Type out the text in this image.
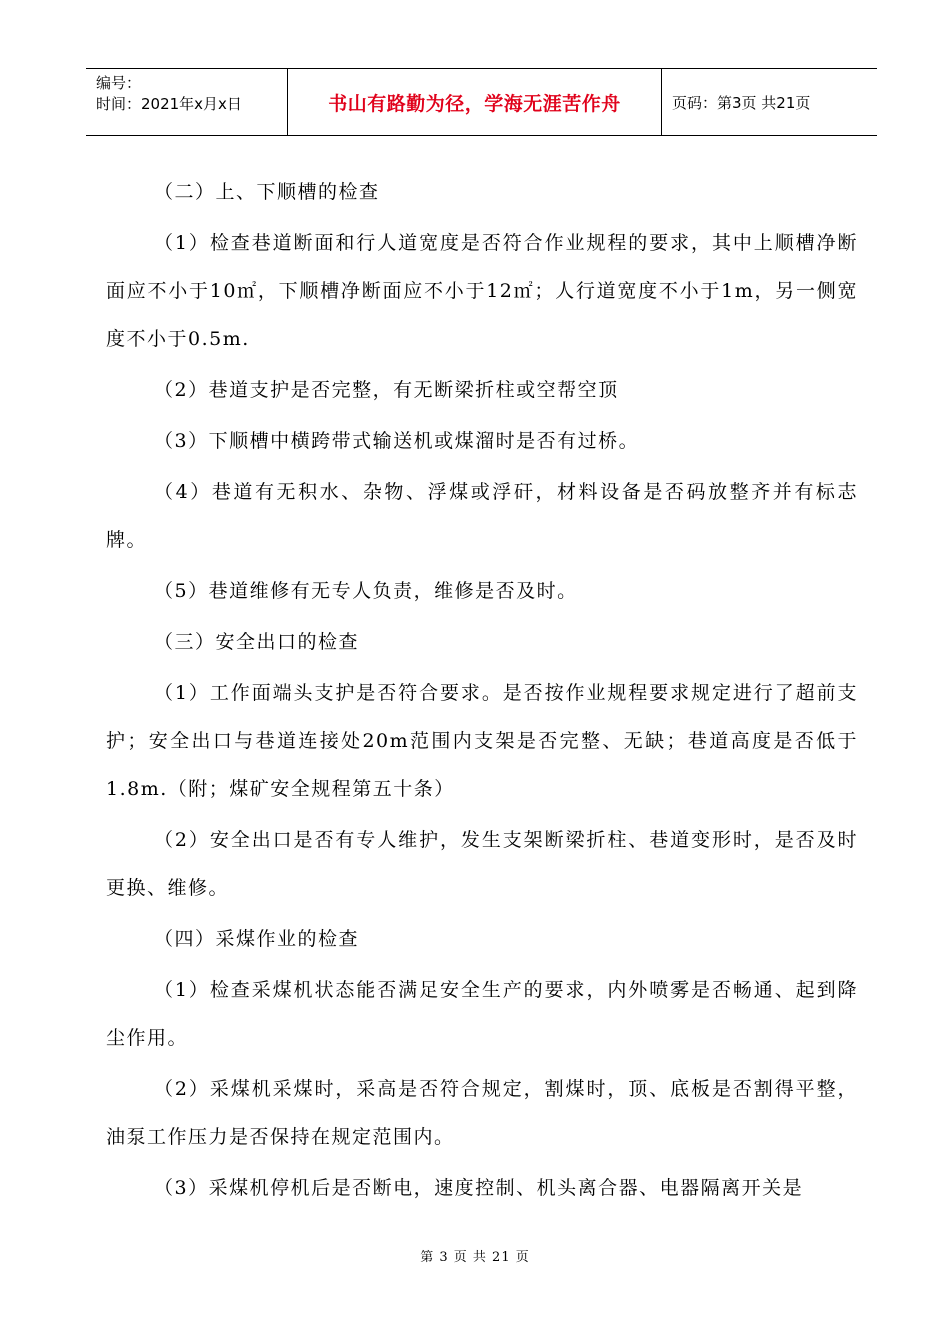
编号：
时间：2021年x月x日	书山有路勤为径，学海无涯苦作舟	页码：第3页 共21页

（二）上、下顺槽的检查

（1）检查巷道断面和行人道宽度是否符合作业规程的要求，其中上顺槽净断面应不小于10㎡，下顺槽净断面应不小于12㎡；人行道宽度不小于1m，另一侧宽度不小于0.5m.

（2）巷道支护是否完整，有无断梁折柱或空帮空顶

（3）下顺槽中横跨带式输送机或煤溜时是否有过桥。

（4）巷道有无积水、杂物、浮煤或浮矸，材料设备是否码放整齐并有标志牌。

（5）巷道维修有无专人负责，维修是否及时。

（三）安全出口的检查

（1）工作面端头支护是否符合要求。是否按作业规程要求规定进行了超前支护；安全出口与巷道连接处20m范围内支架是否完整、无缺；巷道高度是否低于1.8m.（附；煤矿安全规程第五十条）

（2）安全出口是否有专人维护，发生支架断梁折柱、巷道变形时，是否及时更换、维修。

（四）采煤作业的检查

（1）检查采煤机状态能否满足安全生产的要求，内外喷雾是否畅通、起到降尘作用。

（2）采煤机采煤时，采高是否符合规定，割煤时，顶、底板是否割得平整，油泵工作压力是否保持在规定范围内。

（3）采煤机停机后是否断电，速度控制、机头离合器、电器隔离开关是

第 3 页 共 21 页
